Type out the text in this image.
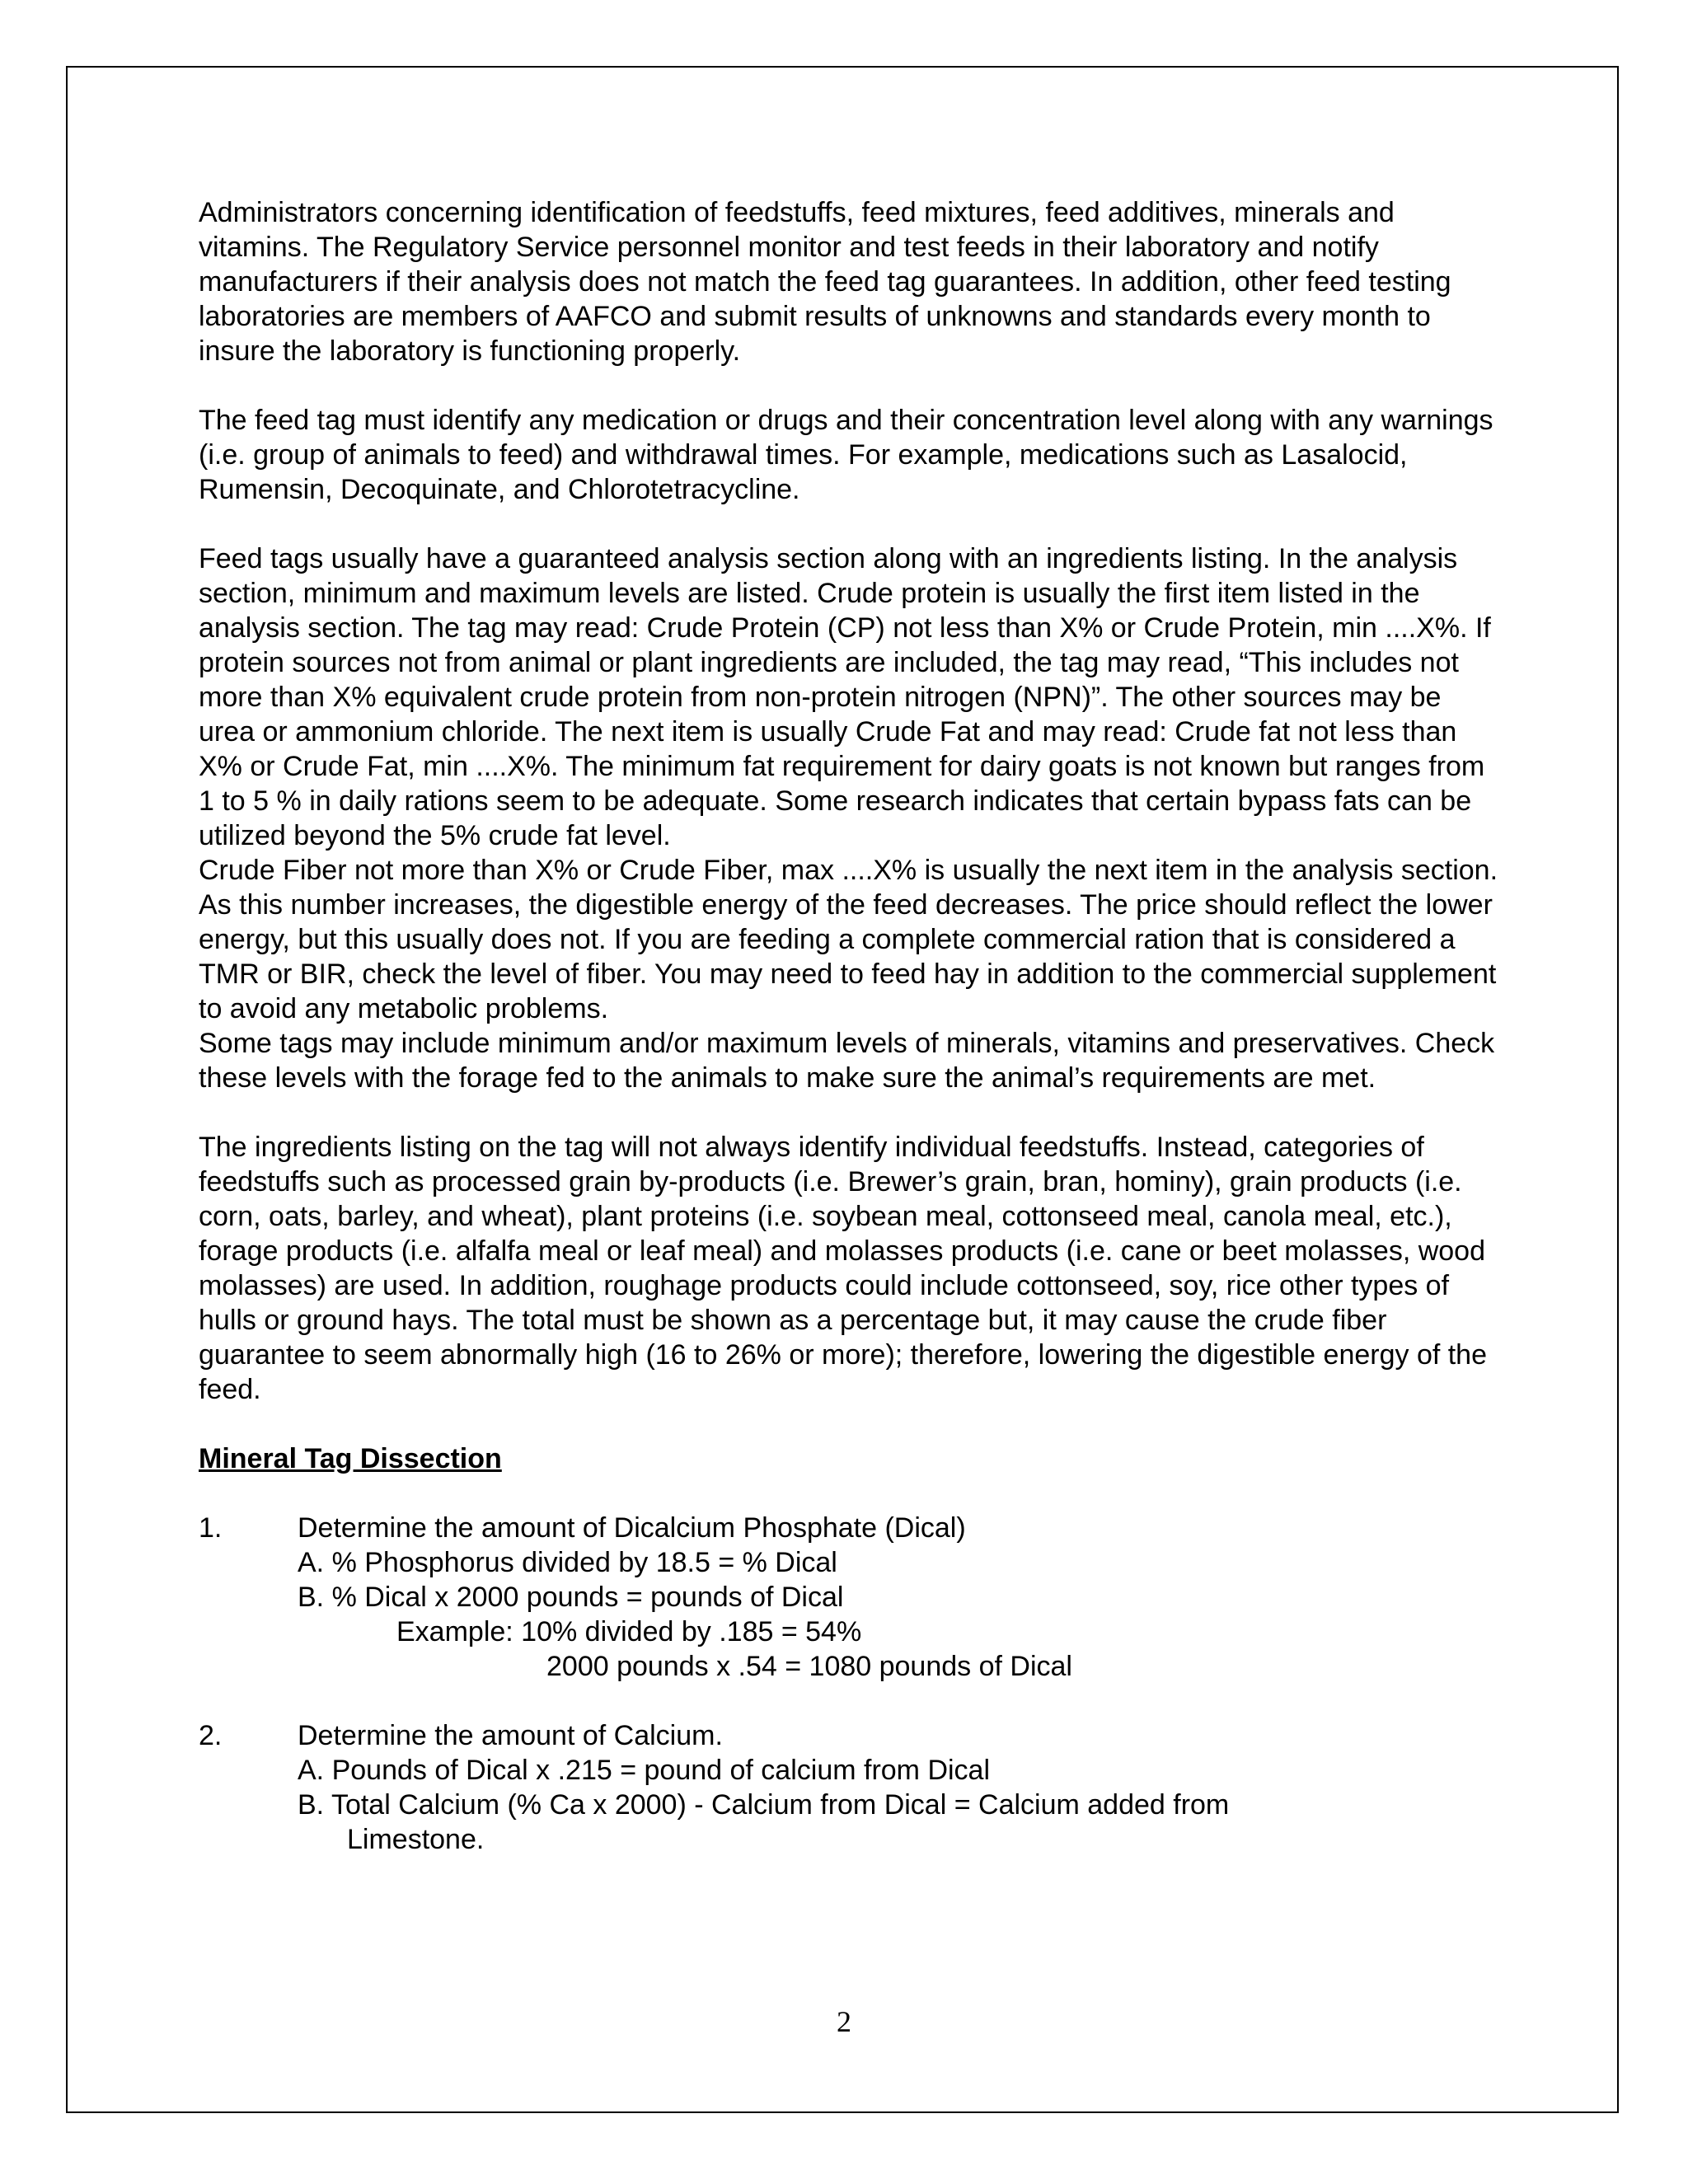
Administrators concerning identification of feedstuffs, feed mixtures, feed additives, minerals and vitamins. The Regulatory Service personnel monitor and test feeds in their laboratory and notify manufacturers if their analysis does not match the feed tag guarantees. In addition, other feed testing laboratories are members of AAFCO and submit results of unknowns and standards every month to insure the laboratory is functioning properly.

The feed tag must identify any medication or drugs and their concentration level along with any warnings (i.e. group of animals to feed) and withdrawal times. For example, medications such as Lasalocid, Rumensin, Decoquinate, and Chlorotetracycline.

Feed tags usually have a guaranteed analysis section along with an ingredients listing. In the analysis section, minimum and maximum levels are listed. Crude protein is usually the first item listed in the analysis section. The tag may read: Crude Protein (CP) not less than X% or Crude Protein, min ....X%. If protein sources not from animal or plant ingredients are included, the tag may read, “This includes not more than X% equivalent crude protein from non-protein nitrogen (NPN)”. The other sources may be urea or ammonium chloride. The next item is usually Crude Fat and may read: Crude fat not less than X% or Crude Fat, min ....X%. The minimum fat requirement for dairy goats is not known but ranges from 1 to 5 % in daily rations seem to be adequate. Some research indicates that certain bypass fats can be utilized beyond the 5% crude fat level.

Crude Fiber not more than X% or Crude Fiber, max ....X% is usually the next item in the analysis section. As this number increases, the digestible energy of the feed decreases. The price should reflect the lower energy, but this usually does not. If you are feeding a complete commercial ration that is considered a TMR or BIR, check the level of fiber. You may need to feed hay in addition to the commercial supplement to avoid any metabolic problems.

Some tags may include minimum and/or maximum levels of minerals, vitamins and preservatives. Check these levels with the forage fed to the animals to make sure the animal’s requirements are met.

The ingredients listing on the tag will not always identify individual feedstuffs. Instead, categories of feedstuffs such as processed grain by-products (i.e. Brewer’s grain, bran, hominy), grain products (i.e. corn, oats, barley, and wheat), plant proteins (i.e. soybean meal, cottonseed meal, canola meal, etc.), forage products (i.e. alfalfa meal or leaf meal) and molasses products (i.e. cane or beet molasses, wood molasses) are used. In addition, roughage products could include cottonseed, soy, rice other types of hulls or ground hays. The total must be shown as a percentage but, it may cause the crude fiber guarantee to seem abnormally high (16 to 26% or more); therefore, lowering the digestible energy of the feed.

Mineral Tag Dissection

1.	Determine the amount of Dicalcium Phosphate (Dical)

A. % Phosphorus divided by 18.5 = % Dical

B. % Dical x 2000 pounds = pounds of Dical

Example: 10% divided by .185 = 54%

2000 pounds x .54 = 1080 pounds of Dical

2.	Determine the amount of Calcium.

A. Pounds of Dical x .215 = pound of calcium from Dical

B. Total Calcium (% Ca x 2000) - Calcium from Dical = Calcium added from

Limestone.

2
